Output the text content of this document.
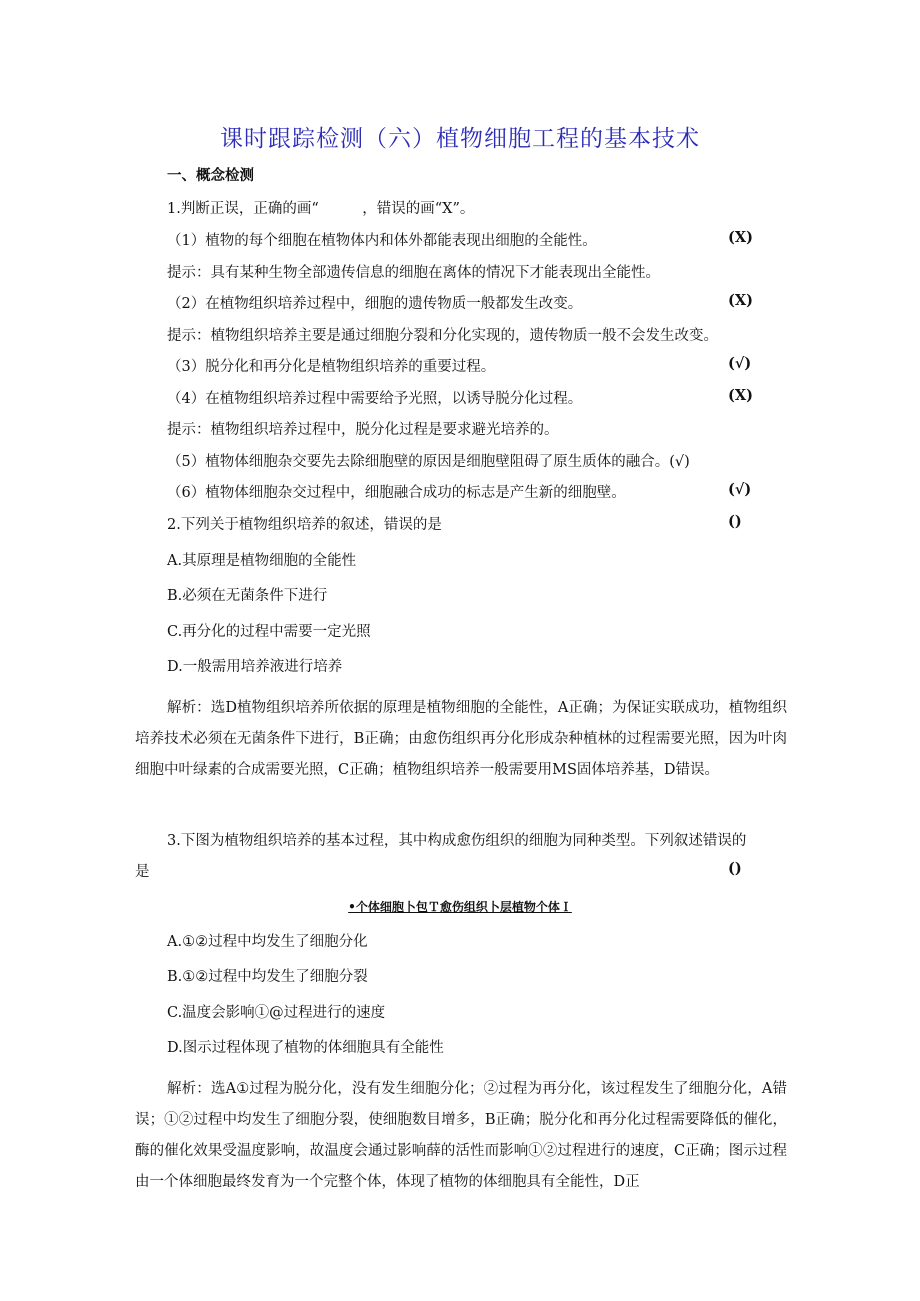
课时跟踪检测（六）植物细胞工程的基本技术
一、概念检测
1.判断正误，正确的画“　　　，错误的画“X”。
（1）植物的每个细胞在植物体内和体外都能表现出细胞的全能性。	(X)
提示：具有某种生物全部遗传信息的细胞在离体的情况下才能表现出全能性。
（2）在植物组织培养过程中，细胞的遗传物质一般都发生改变。	(X)
提示：植物组织培养主要是通过细胞分裂和分化实现的，遗传物质一般不会发生改变。
（3）脱分化和再分化是植物组织培养的重要过程。	(√)
（4）在植物组织培养过程中需要给予光照，以诱导脱分化过程。	(X)
提示：植物组织培养过程中，脱分化过程是要求避光培养的。
（5）植物体细胞杂交要先去除细胞壁的原因是细胞壁阻碍了原生质体的融合。(√)
（6）植物体细胞杂交过程中，细胞融合成功的标志是产生新的细胞壁。	(√)
2.下列关于植物组织培养的叙述，错误的是	()
A.其原理是植物细胞的全能性
B.必须在无菌条件下进行
C.再分化的过程中需要一定光照
D.一般需用培养液进行培养
解析：选D植物组织培养所依据的原理是植物细胞的全能性，A正确；为保证实联成功，植物组织培养技术必须在无菌条件下进行，B正确；由愈伤组织再分化形成杂种植林的过程需要光照，因为叶肉细胞中叶绿素的合成需要光照，C正确；植物组织培养一般需要用MS固体培养基，D错误。
3.下图为植物组织培养的基本过程，其中构成愈伤组织的细胞为同种类型。下列叙述错误的
是	()
•个体细胞卜包Ｔ愈伤组织卜层植物个体Ｉ
A.①②过程中均发生了细胞分化
B.①②过程中均发生了细胞分裂
C.温度会影响①@过程进行的速度
D.图示过程体现了植物的体细胞具有全能性
解析：选A①过程为脱分化，没有发生细胞分化；②过程为再分化，该过程发生了细胞分化，A错误；①②过程中均发生了细胞分裂，使细胞数目增多，B正确；脱分化和再分化过程需要降低的催化，酶的催化效果受温度影响，故温度会通过影响薛的活性而影响①②过程进行的速度，C正确；图示过程由一个体细胞最终发育为一个完整个体，体现了植物的体细胞具有全能性，D正
